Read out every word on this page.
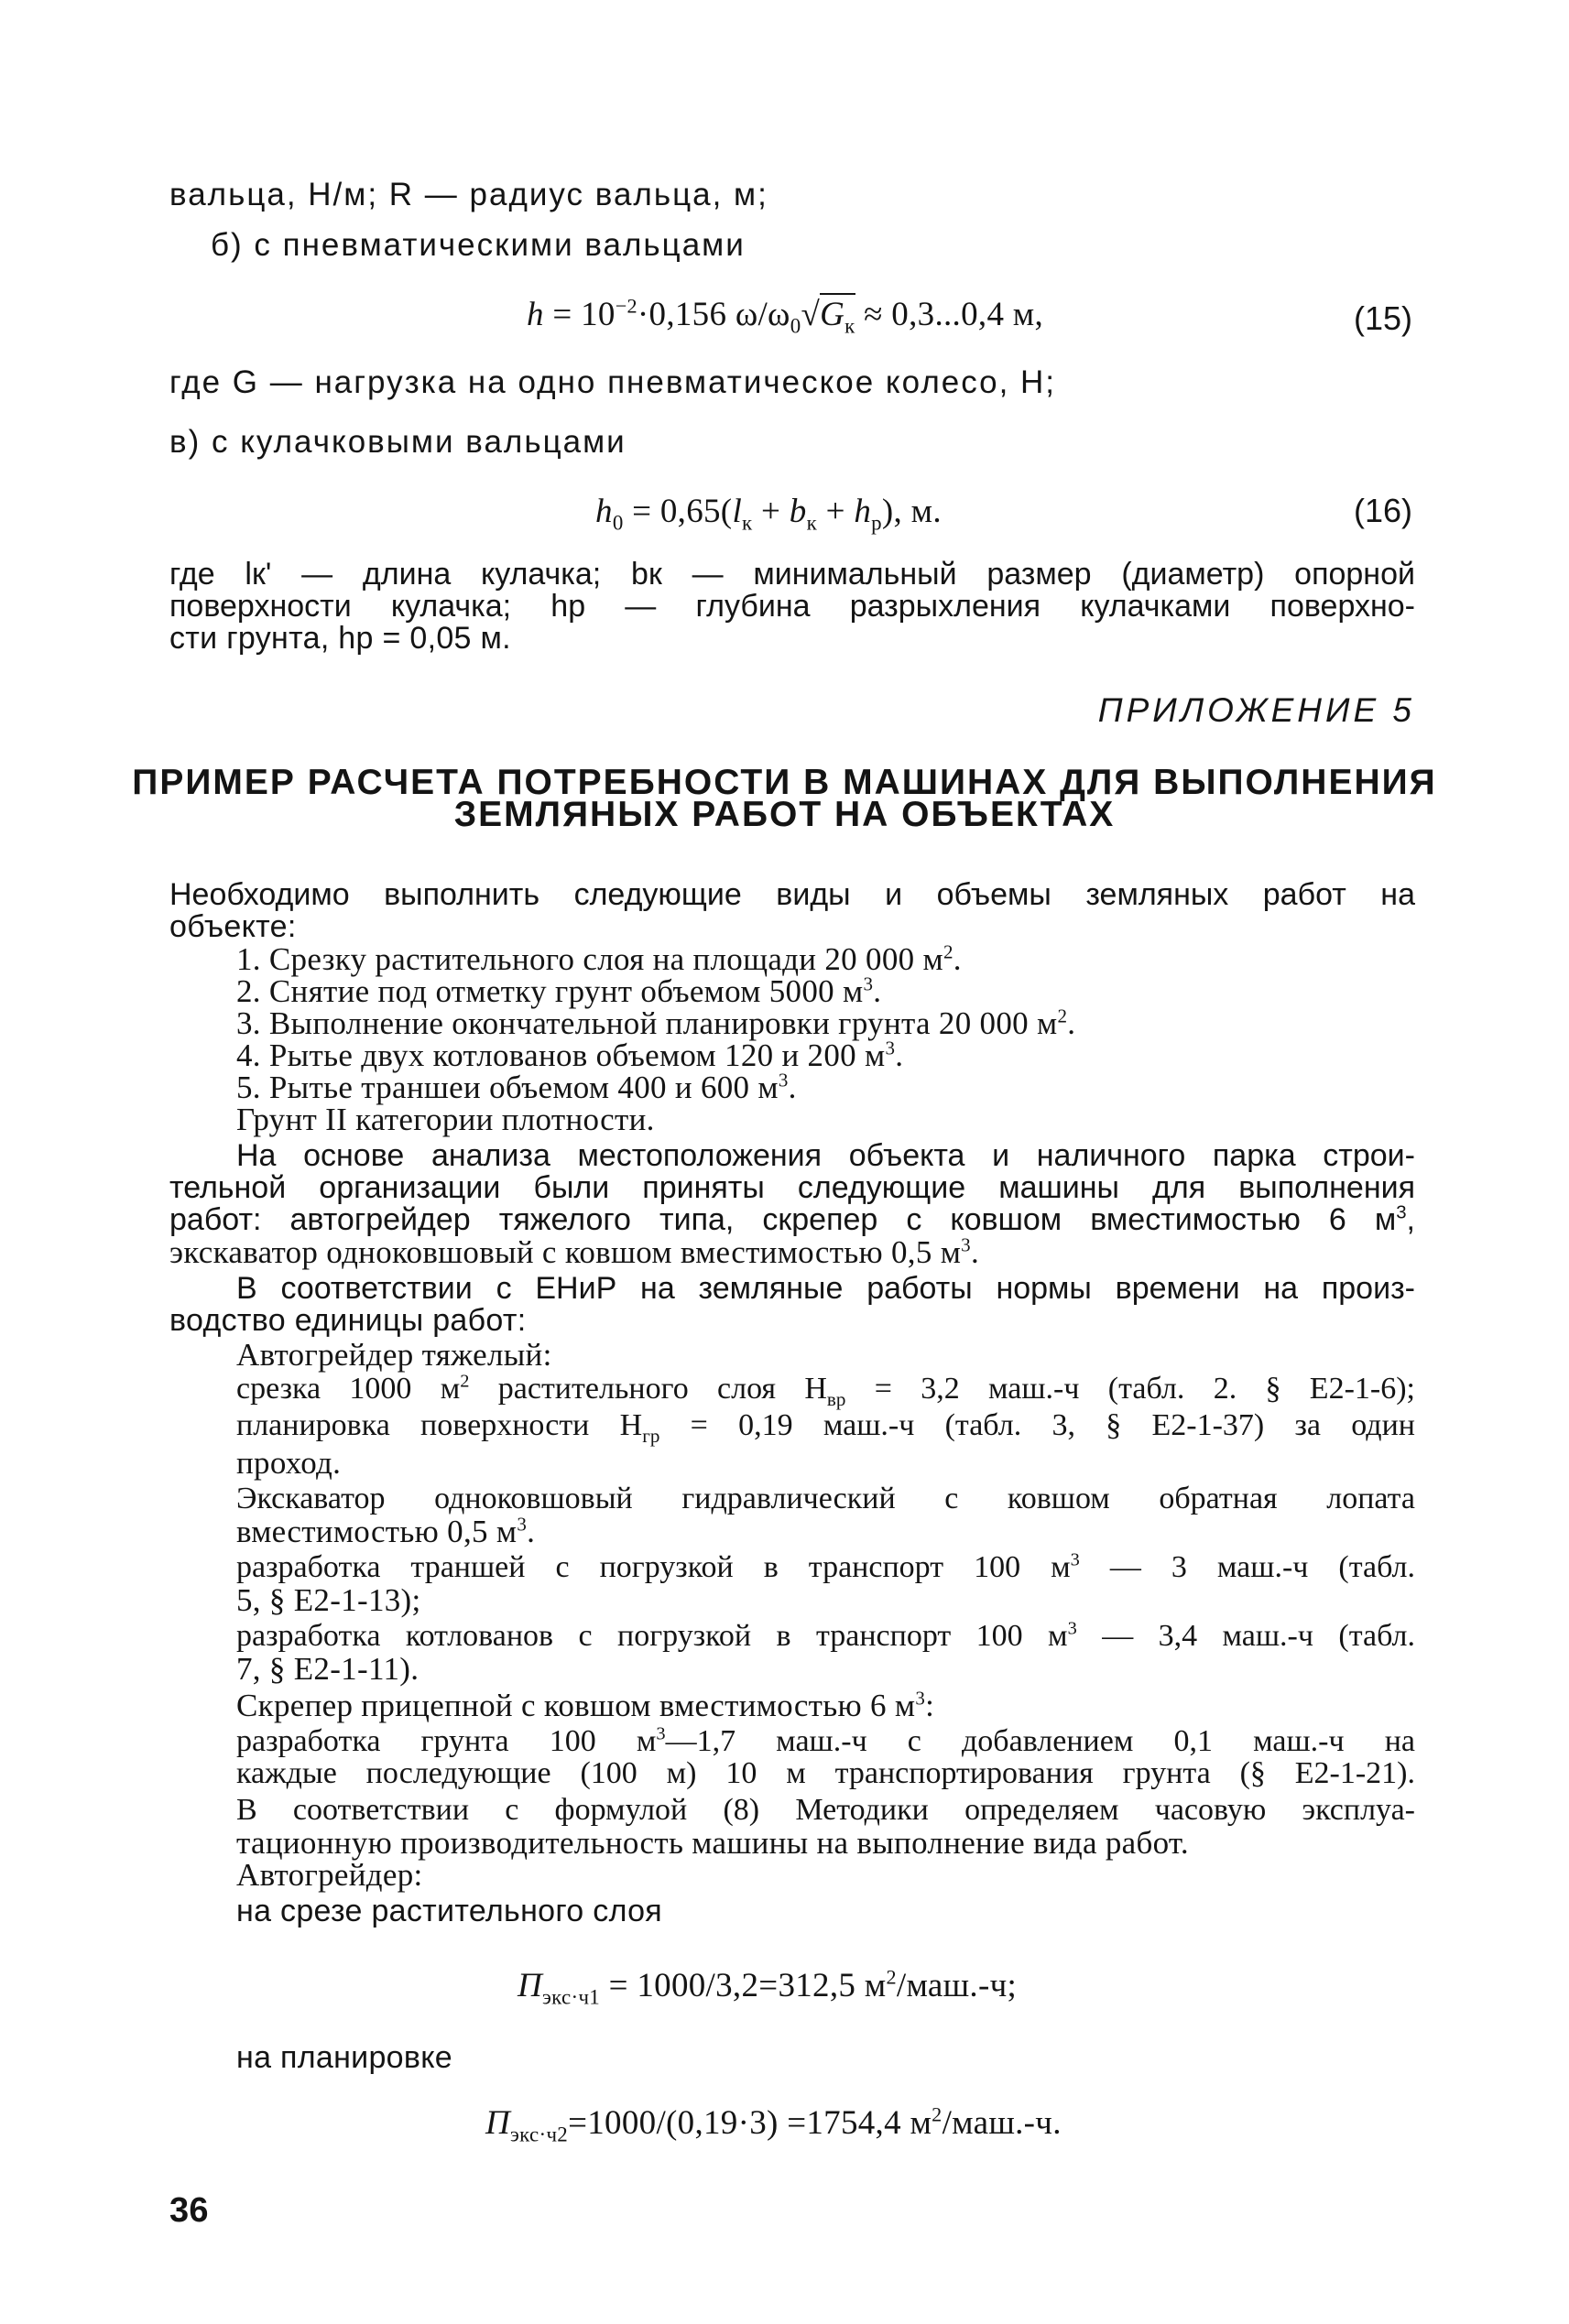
вальца, Н/м; R — радиус вальца, м;
б) с пневматическими вальцами
$h = 10^{-2}\cdot 0,156$ $\omega/\omega_0√G_к \approx 0,3...0,4$ м,	(15)
где G — нагрузка на одно пневматическое колесо, Н;
в) с кулачковыми вальцами
$h_0 = 0,65(l_к + b_к + h_р)$, м.	(16)
где lк' — длина кулачка; bк — минимальный размер (диаметр) опорной
поверхности кулачка; hр — глубина разрыхления кулачками поверхно-
сти грунта, hр = 0,05 м.
ПРИЛОЖЕНИЕ 5
ПРИМЕР РАСЧЕТА ПОТРЕБНОСТИ В МАШИНАХ ДЛЯ ВЫПОЛНЕНИЯ
ЗЕМЛЯНЫХ РАБОТ НА ОБЪЕКТАХ
Необходимо выполнить следующие виды и объемы земляных работ на
объекте:
1. Срезку растительного слоя на площади 20 000 $м^2$.
2. Снятие под отметку грунт объемом 5000 $м^3$.
3. Выполнение окончательной планировки грунта 20 000 $м^2$.
4. Рытье двух котлованов объемом 120 и 200 $м^3$.
5. Рытье траншеи объемом 400 и 600 $м^3$.
Грунт II категории плотности.
На основе анализа местоположения объекта и наличного парка строи-
тельной организации были приняты следующие машины для выполнения
работ: автогрейдер тяжелого типа, скрепер с ковшом вместимостью 6 $м^3$,
экскаватор одноковшовый с ковшом вместимостью 0,5 $м^3$.
В соответствии с ЕНиР на земляные работы нормы времени на произ-
водство единицы работ:
Автогрейдер тяжелый:
срезка 1000 $м^2$ растительного слоя $Н_{вр} = 3,2$ маш.-ч (табл. 2. § Е2-1-6);
планировка поверхности $Н_{гр} = 0,19$ маш.-ч (табл. 3, § Е2-1-37) за один
проход.
Экскаватор одноковшовый гидравлический с ковшом обратная лопата
вместимостью 0,5 $м^3$.
разработка траншей с погрузкой в транспорт 100 $м^3$ — 3 маш.-ч (табл.
5, § Е2-1-13);
разработка котлованов с погрузкой в транспорт 100 $м^3$ — 3,4 маш.-ч (табл.
7, § Е2-1-11).
Скрепер прицепной с ковшом вместимостью 6 $м^3$:
разработка грунта 100 $м^3—1,7$ маш.-ч с добавлением 0,1 маш.-ч на
каждые последующие (100 м) 10 м транспортирования грунта (§ Е2-1-21).
В соответствии с формулой (8) Методики определяем часовую эксплуа-
тационную производительность машины на выполнение вида работ.
Автогрейдер:
на срезе растительного слоя
$П_{экс\cdot ч1} = 1000/3,2=312,5$ $м^2/маш.-ч$;
на планировке
$П_{экс\cdot ч2}=1000/(0,19\cdot 3) =1754,4$ $м^2/маш.-ч$.
36
